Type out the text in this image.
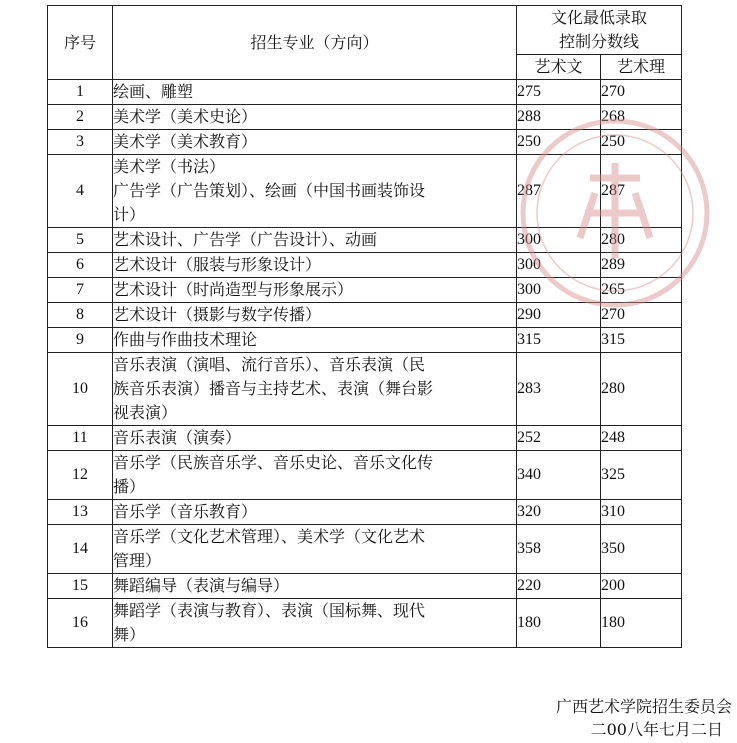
序号	招生专业（方向）	文化最低录取
控制分数线	

		艺术文	艺术理
1	绘画、雕塑	275	270
2	美术学（美术史论）	288	268
3	美术学（美术教育）	250	250
4	美术学（书法）
广告学（广告策划）、绘画（中国书画装饰设
计）	287	287
5	艺术设计、广告学（广告设计）、动画	300	280
6	艺术设计（服装与形象设计）	300	289
7	艺术设计（时尚造型与形象展示）	300	265
8	艺术设计（摄影与数字传播）	290	270
9	作曲与作曲技术理论	315	315
10	音乐表演（演唱、流行音乐）、音乐表演（民
族音乐表演）播音与主持艺术、表演（舞台影
视表演）	283	280
11	音乐表演（演奏）	252	248
12	音乐学（民族音乐学、音乐史论、音乐文化传
播）	340	325
13	音乐学（音乐教育）	320	310
14	音乐学（文化艺术管理）、美术学（文化艺术
管理）	358	350
15	舞蹈编导（表演与编导）	220	200
16	舞蹈学（表演与教育）、表演（国标舞、现代
舞）	180	180
广西艺术学院招生委员会
二00八年七月二日
